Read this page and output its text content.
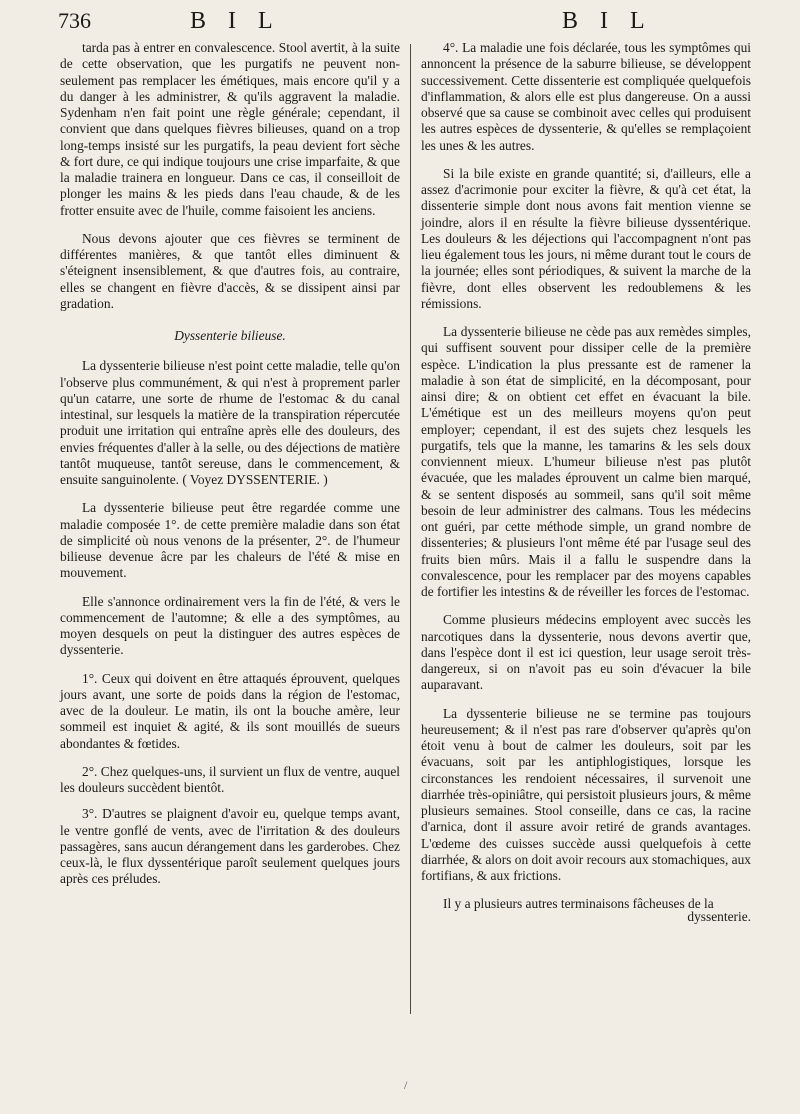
736	B I L	B I L

tarda pas à entrer en convalescence. Stool avertit, à la suite de cette observation, que les purgatifs ne peuvent non-seulement pas remplacer les émétiques, mais encore qu'il y a du danger à les administrer, & qu'ils aggravent la maladie. Sydenham n'en fait point une règle générale; cependant, il convient que dans quelques fièvres bilieuses, quand on a trop long-temps insisté sur les purgatifs, la peau devient fort sèche & fort dure, ce qui indique toujours une crise imparfaite, & que la maladie trainera en longueur. Dans ce cas, il conseilloit de plonger les mains & les pieds dans l'eau chaude, & de les frotter ensuite avec de l'huile, comme faisoient les anciens.

Nous devons ajouter que ces fièvres se terminent de différentes manières, & que tantôt elles diminuent & s'éteignent insensiblement, & que d'autres fois, au contraire, elles se changent en fièvre d'accès, & se dissipent ainsi par gradation.

Dyssenterie bilieuse.

La dyssenterie bilieuse n'est point cette maladie, telle qu'on l'observe plus communément, & qui n'est à proprement parler qu'un catarre, une sorte de rhume de l'estomac & du canal intestinal, sur lesquels la matière de la transpiration répercutée produit une irritation qui entraîne après elle des douleurs, des envies fréquentes d'aller à la selle, ou des déjections de matière tantôt muqueuse, tantôt sereuse, dans le commencement, & ensuite sanguinolente. ( Voyez DYSSENTERIE. )

La dyssenterie bilieuse peut être regardée comme une maladie composée 1°. de cette première maladie dans son état de simplicité où nous venons de la présenter, 2°. de l'humeur bilieuse devenue âcre par les chaleurs de l'été & mise en mouvement.

Elle s'annonce ordinairement vers la fin de l'été, & vers le commencement de l'automne; & elle a des symptômes, au moyen desquels on peut la distinguer des autres espèces de dyssenterie.

1°. Ceux qui doivent en être attaqués éprouvent, quelques jours avant, une sorte de poids dans la région de l'estomac, avec de la douleur. Le matin, ils ont la bouche amère, leur sommeil est inquiet & agité, & ils sont mouillés de sueurs abondantes & fœtides.

2°. Chez quelques-uns, il survient un flux de ventre, auquel les douleurs succèdent bientôt.

3°. D'autres se plaignent d'avoir eu, quelque temps avant, le ventre gonflé de vents, avec de l'irritation & des douleurs passagères, sans aucun dérangement dans les garderobes. Chez ceux-là, le flux dyssentérique paroît seulement quelques jours après ces préludes.

4°. La maladie une fois déclarée, tous les symptômes qui annoncent la présence de la saburre bilieuse, se développent successivement. Cette dissenterie est compliquée quelquefois d'inflammation, & alors elle est plus dangereuse. On a aussi observé que sa cause se combinoit avec celles qui produisent les autres espèces de dyssenterie, & qu'elles se remplaçoient les unes & les autres.

Si la bile existe en grande quantité; si, d'ailleurs, elle a assez d'acrimonie pour exciter la fièvre, & qu'à cet état, la dissenterie simple dont nous avons fait mention vienne se joindre, alors il en résulte la fièvre bilieuse dyssentérique. Les douleurs & les déjections qui l'accompagnent n'ont pas lieu également tous les jours, ni même durant tout le cours de la journée; elles sont périodiques, & suivent la marche de la fièvre, dont elles observent les redoublemens & les rémissions.

La dyssenterie bilieuse ne cède pas aux remèdes simples, qui suffisent souvent pour dissiper celle de la première espèce. L'indication la plus pressante est de ramener la maladie à son état de simplicité, en la décomposant, pour ainsi dire; & on obtient cet effet en évacuant la bile. L'émétique est un des meilleurs moyens qu'on peut employer; cependant, il est des sujets chez lesquels les purgatifs, tels que la manne, les tamarins & les sels doux conviennent mieux. L'humeur bilieuse n'est pas plutôt évacuée, que les malades éprouvent un calme bien marqué, & se sentent disposés au sommeil, sans qu'il soit même besoin de leur administrer des calmans. Tous les médecins ont guéri, par cette méthode simple, un grand nombre de dissenteries; & plusieurs l'ont même été par l'usage seul des fruits bien mûrs. Mais il a fallu le suspendre dans la convalescence, pour les remplacer par des moyens capables de fortifier les intestins & de réveiller les forces de l'estomac.

Comme plusieurs médecins employent avec succès les narcotiques dans la dyssenterie, nous devons avertir que, dans l'espèce dont il est ici question, leur usage seroit très-dangereux, si on n'avoit pas eu soin d'évacuer la bile auparavant.

La dyssenterie bilieuse ne se termine pas toujours heureusement; & il n'est pas rare d'observer qu'après qu'on étoit venu à bout de calmer les douleurs, soit par les évacuans, soit par les antiphlogistiques, lorsque les circonstances les rendoient nécessaires, il survenoit une diarrhée très-opiniâtre, qui persistoit plusieurs jours, & même plusieurs semaines. Stool conseille, dans ce cas, la racine d'arnica, dont il assure avoir retiré de grands avantages. L'œdeme des cuisses succède aussi quelquefois à cette diarrhée, & alors on doit avoir recours aux stomachiques, aux fortifians, & aux frictions.

Il y a plusieurs autres terminaisons fâcheuses de la

dyssenterie.

/
